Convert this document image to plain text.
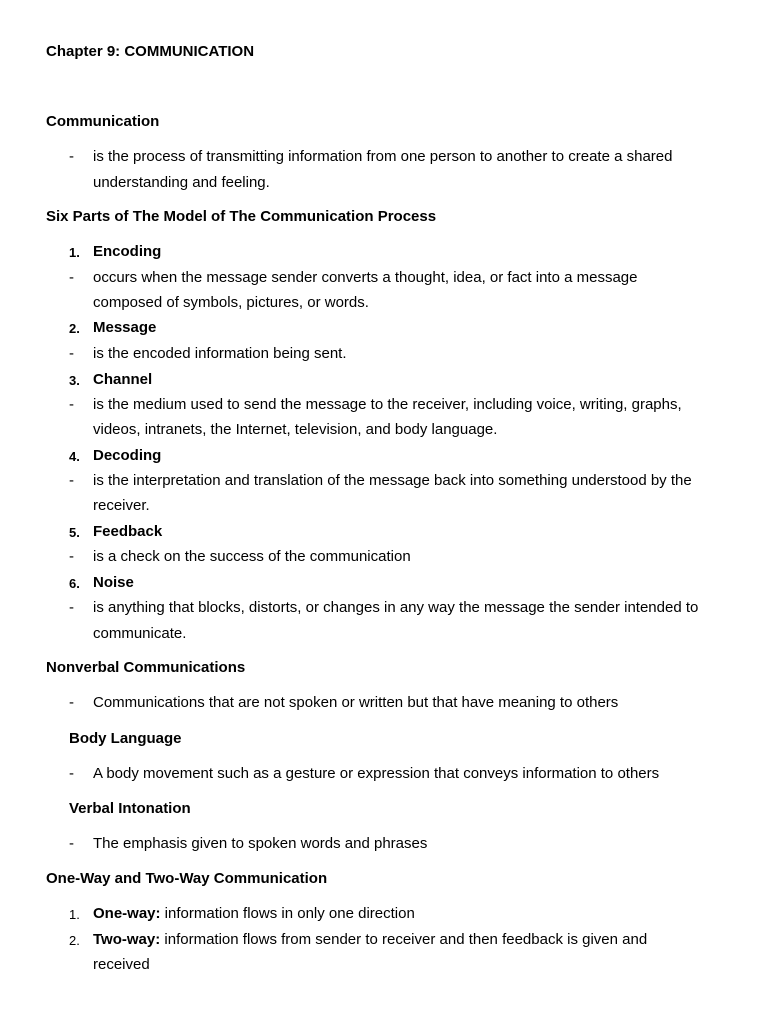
Chapter 9: COMMUNICATION
Communication
- is the process of transmitting information from one person to another to create a shared
understanding and feeling.
Six Parts of The Model of The Communication Process
1. Encoding
- occurs when the message sender converts a thought, idea, or fact into a message
composed of symbols, pictures, or words.
2. Message
- is the encoded information being sent.
3. Channel
- is the medium used to send the message to the receiver, including voice, writing, graphs,
videos, intranets, the Internet, television, and body language.
4. Decoding
- is the interpretation and translation of the message back into something understood by the
receiver.
5. Feedback
- is a check on the success of the communication
6. Noise
- is anything that blocks, distorts, or changes in any way the message the sender intended to
communicate.
Nonverbal Communications
- Communications that are not spoken or written but that have meaning to others
Body Language
- A body movement such as a gesture or expression that conveys information to others
Verbal Intonation
- The emphasis given to spoken words and phrases
One-Way and Two-Way Communication
1. One-way: information flows in only one direction
2. Two-way: information flows from sender to receiver and then feedback is given and
received
